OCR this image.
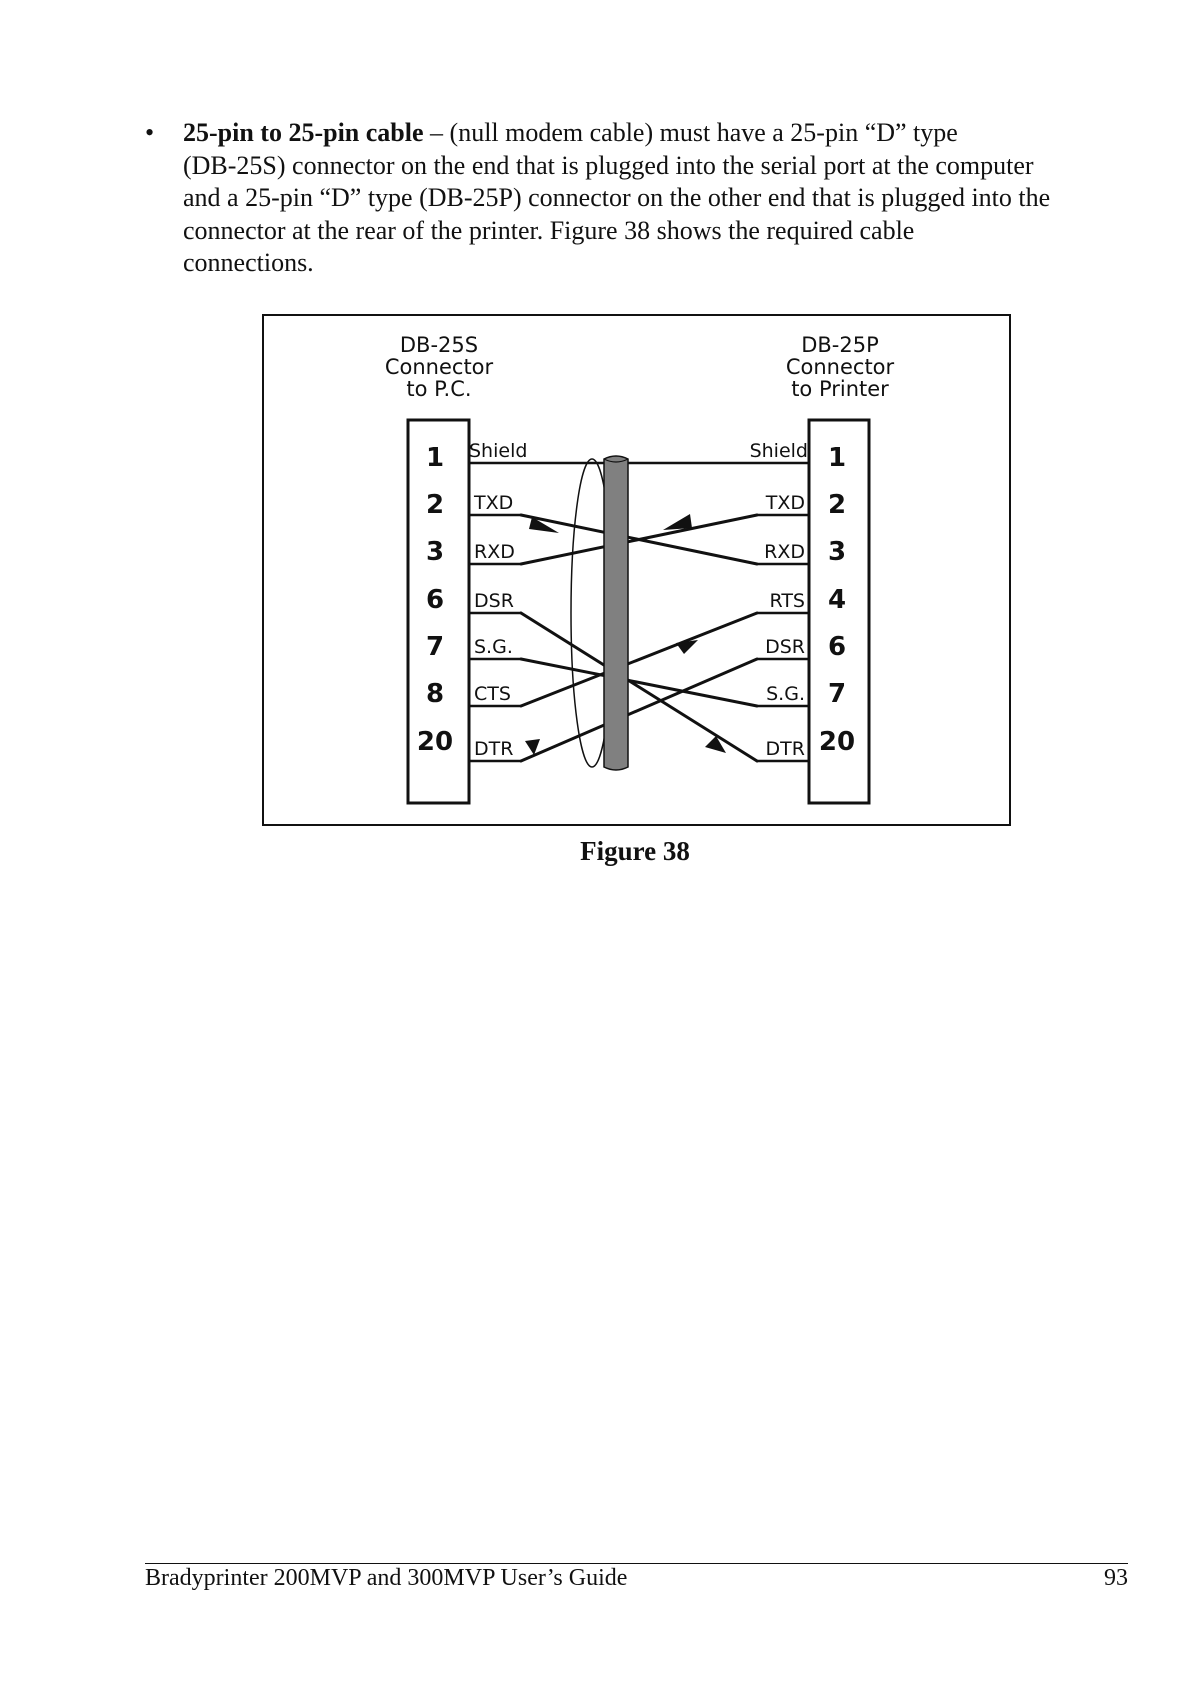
• 25-pin to 25-pin cable – (null modem cable) must have a 25-pin “D” type
(DB-25S) connector on the end that is plugged into the serial port at the computer
and a 25-pin “D” type (DB-25P) connector on the other end that is plugged into the
connector at the rear of the printer. Figure 38 shows the required cable
connections.
DB-25S
Connector
to P.C.
DB-25P
Connector
to Printer
1
2
3
6
7
8
20
1
2
3
4
6
7
20
Shield
TXD
RXD
DSR
S.G.
CTS
DTR
Shield
TXD
RXD
RTS
DSR
S.G.
DTR
Figure 38
Bradyprinter 200MVP and 300MVP User’s Guide	93
